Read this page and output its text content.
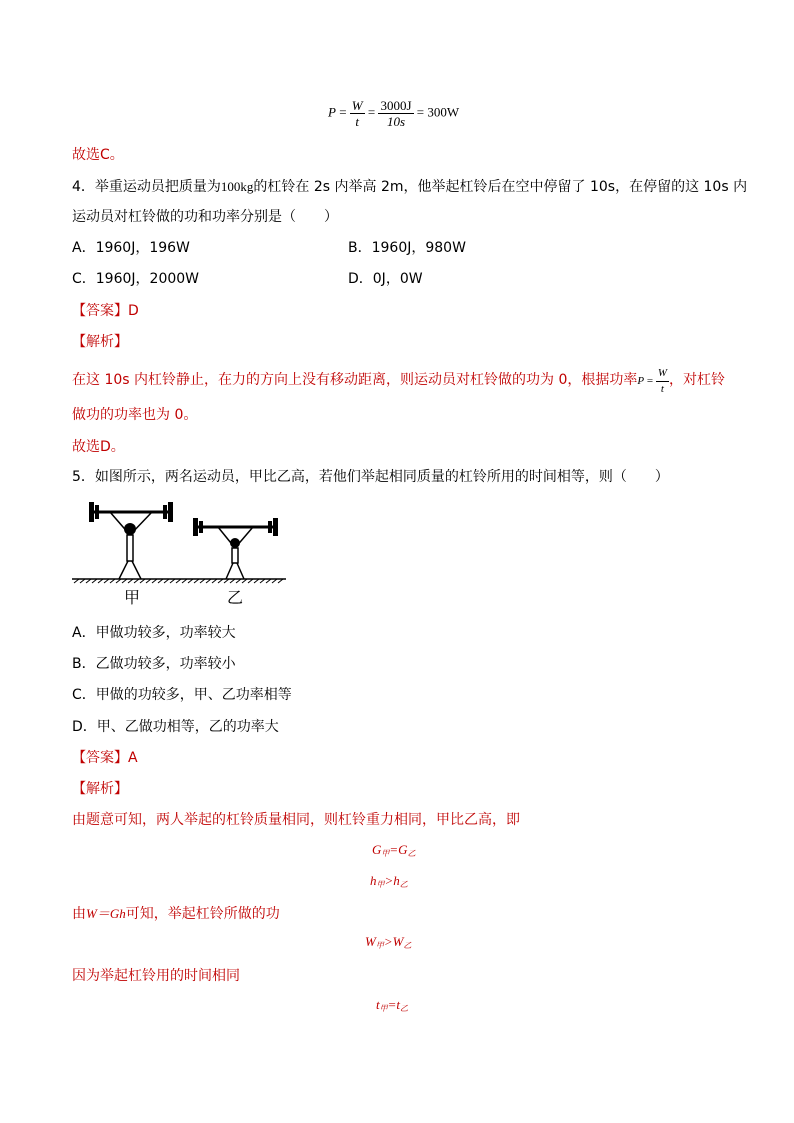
$P = \frac{W}{t} = \frac{3000J}{10s} = 300W$
故选C。
4．举重运动员把质量为100kg的杠铃在 2s 内举高 2m，他举起杠铃后在空中停留了 10s，在停留的这 10s 内
运动员对杠铃做的功和功率分别是（　　）
A．1960J，196W	B．1960J，980W
C．1960J，2000W	D．0J，0W
【答案】D
【解析】
在这 10s 内杠铃静止，在力的方向上没有移动距离，则运动员对杠铃做的功为 0，根据功率$P = \frac{W}{t}$ ，对杠铃
做功的功率也为 0。
故选D。
5．如图所示，两名运动员，甲比乙高，若他们举起相同质量的杠铃所用的时间相等，则（　　）
甲	乙
A．甲做功较多，功率较大
B．乙做功较多，功率较小
C．甲做的功较多，甲、乙功率相等
D．甲、乙做功相等，乙的功率大
【答案】A
【解析】
由题意可知，两人举起的杠铃质量相同，则杠铃重力相同，甲比乙高，即
$G_甲=G_乙$
$h_甲>h_乙$
由W＝Gh可知，举起杠铃所做的功
$W_甲>W_乙$
因为举起杠铃用的时间相同
$t_甲=t_乙$
